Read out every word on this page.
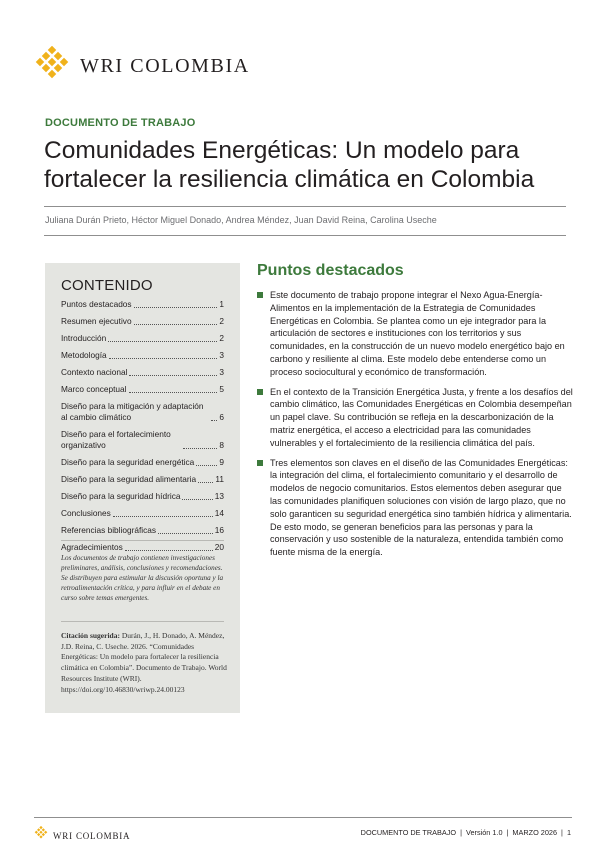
WRI COLOMBIA
DOCUMENTO DE TRABAJO
Comunidades Energéticas: Un modelo para fortalecer la resiliencia climática en Colombia
Juliana Durán Prieto, Héctor Miguel Donado, Andrea Méndez, Juan David Reina, Carolina Useche
CONTENIDO
Puntos destacados	1
Resumen ejecutivo	2
Introducción	2
Metodología	3
Contexto nacional	3
Marco conceptual	5
Diseño para la mitigación y adaptación al cambio climático	6
Diseño para el fortalecimiento organizativo	8
Diseño para la seguridad energética	9
Diseño para la seguridad alimentaria 11
Diseño para la seguridad hídrica	13
Conclusiones	14
Referencias bibliográficas	16
Agradecimientos	20
Los documentos de trabajo contienen investigaciones preliminares, análisis, conclusiones y recomendaciones. Se distribuyen para estimular la discusión oportuna y la retroalimentación crítica, y para influir en el debate en curso sobre temas emergentes.
Citación sugerida: Durán, J., H. Donado, A. Méndez, J.D. Reina, C. Useche. 2026. “Comunidades Energéticas: Un modelo para fortalecer la resiliencia climática en Colombia”. Documento de Trabajo. World Resources Institute (WRI). https://doi.org/10.46830/wriwp.24.00123
Puntos destacados
Este documento de trabajo propone integrar el Nexo Agua-Energía-Alimentos en la implementación de la Estrategia de Comunidades Energéticas en Colombia. Se plantea como un eje integrador para la articulación de sectores e instituciones con los territorios y sus comunidades, en la construcción de un nuevo modelo energético bajo en carbono y resiliente al clima. Este modelo debe entenderse como un proceso sociocultural y económico de transformación.
En el contexto de la Transición Energética Justa, y frente a los desafíos del cambio climático, las Comunidades Energéticas en Colombia desempeñan un papel clave. Su contribución se refleja en la descarbonización de la matriz energética, el acceso a electricidad para las comunidades vulnerables y el fortalecimiento de la resiliencia climática del país.
Tres elementos son claves en el diseño de las Comunidades Energéticas: la integración del clima, el fortalecimiento comunitario y el desarrollo de modelos de negocio comunitarios. Estos elementos deben asegurar que las comunidades planifiquen soluciones con visión de largo plazo, que no solo garanticen su seguridad energética sino también hídrica y alimentaria. De esto modo, se generan beneficios para las personas y para la conservación y uso sostenible de la naturaleza, entendida también como fuente misma de la energía.
WRI COLOMBIA	DOCUMENTO DE TRABAJO | Versión 1.0 | MARZO 2026 | 1
